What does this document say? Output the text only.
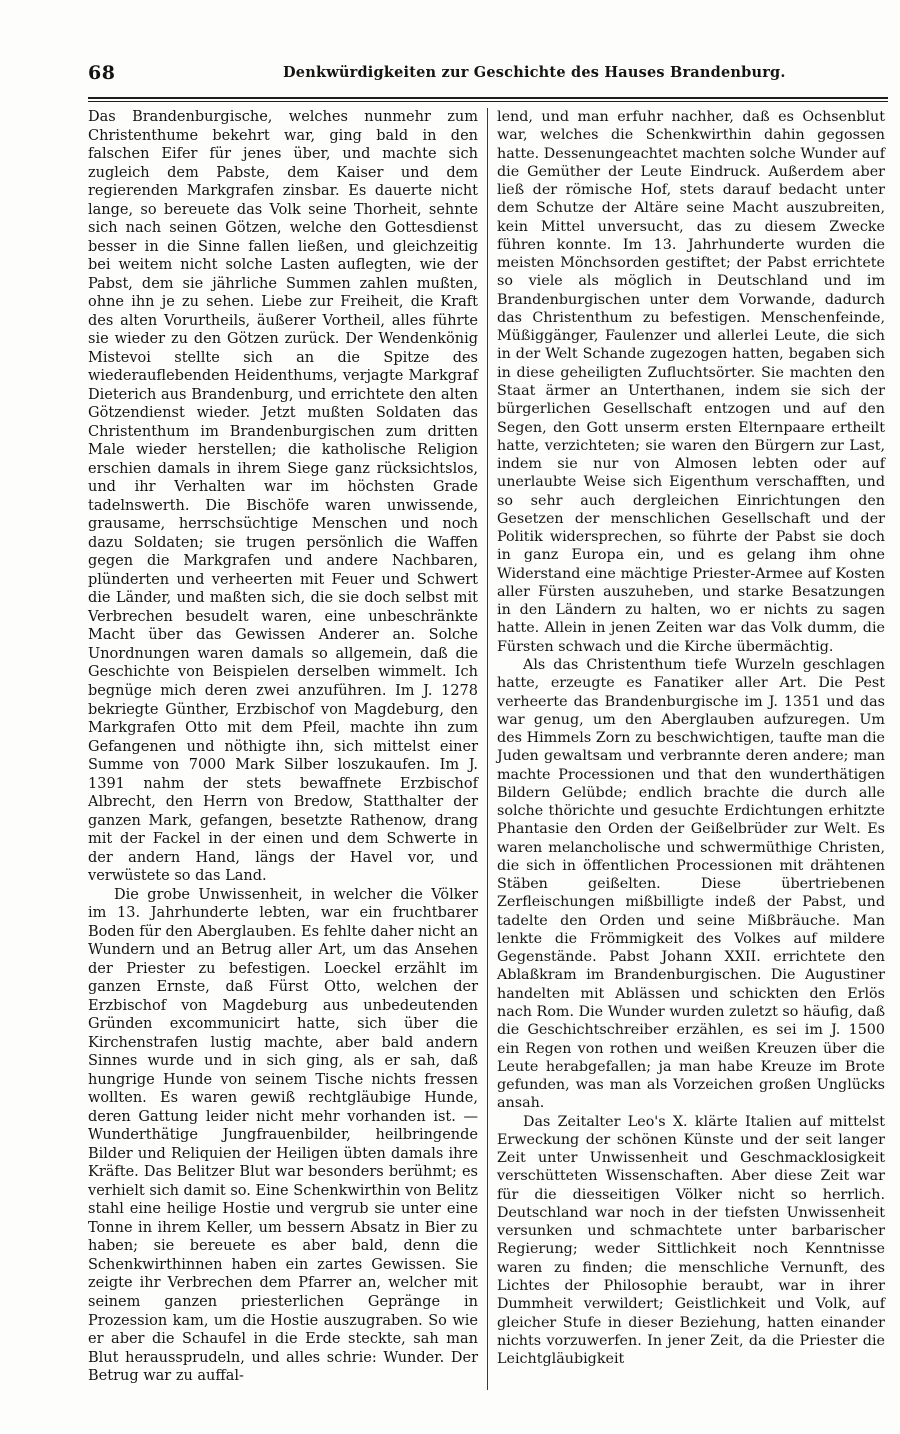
68	Denkwürdigkeiten zur Geschichte des Hauses Brandenburg.

Das Brandenburgische, welches nunmehr zum Christenthume bekehrt war, ging bald in den falschen Eifer für jenes über, und machte sich zugleich dem Pabste, dem Kaiser und dem regierenden Markgrafen zinsbar. Es dauerte nicht lange, so bereuete das Volk seine Thorheit, sehnte sich nach seinen Götzen, welche den Gottesdienst besser in die Sinne fallen ließen, und gleichzeitig bei weitem nicht solche Lasten auflegten, wie der Pabst, dem sie jährliche Summen zahlen mußten, ohne ihn je zu sehen. Liebe zur Freiheit, die Kraft des alten Vorurtheils, äußerer Vortheil, alles führte sie wieder zu den Götzen zurück. Der Wendenkönig Mistevoi stellte sich an die Spitze des wiederauflebenden Heidenthums, verjagte Markgraf Dieterich aus Brandenburg, und errichtete den alten Götzendienst wieder. Jetzt mußten Soldaten das Christenthum im Brandenburgischen zum dritten Male wieder herstellen; die katholische Religion erschien damals in ihrem Siege ganz rücksichtslos, und ihr Verhalten war im höchsten Grade tadelnswerth. Die Bischöfe waren unwissende, grausame, herrschsüchtige Menschen und noch dazu Soldaten; sie trugen persönlich die Waffen gegen die Markgrafen und andere Nachbaren, plünderten und verheerten mit Feuer und Schwert die Länder, und maßten sich, die sie doch selbst mit Verbrechen besudelt waren, eine unbeschränkte Macht über das Gewissen Anderer an. Solche Unordnungen waren damals so allgemein, daß die Geschichte von Beispielen derselben wimmelt. Ich begnüge mich deren zwei anzuführen. Im J. 1278 bekriegte Günther, Erzbischof von Magdeburg, den Markgrafen Otto mit dem Pfeil, machte ihn zum Gefangenen und nöthigte ihn, sich mittelst einer Summe von 7000 Mark Silber loszukaufen. Im J. 1391 nahm der stets bewaffnete Erzbischof Albrecht, den Herrn von Bredow, Statthalter der ganzen Mark, gefangen, besetzte Rathenow, drang mit der Fackel in der einen und dem Schwerte in der andern Hand, längs der Havel vor, und verwüstete so das Land.

Die grobe Unwissenheit, in welcher die Völker im 13. Jahrhunderte lebten, war ein fruchtbarer Boden für den Aberglauben. Es fehlte daher nicht an Wundern und an Betrug aller Art, um das Ansehen der Priester zu befestigen. Loeckel erzählt im ganzen Ernste, daß Fürst Otto, welchen der Erzbischof von Magdeburg aus unbedeutenden Gründen excommunicirt hatte, sich über die Kirchenstrafen lustig machte, aber bald andern Sinnes wurde und in sich ging, als er sah, daß hungrige Hunde von seinem Tische nichts fressen wollten. Es waren gewiß rechtgläubige Hunde, deren Gattung leider nicht mehr vorhanden ist. — Wunderthätige Jungfrauenbilder, heilbringende Bilder und Reliquien der Heiligen übten damals ihre Kräfte. Das Belitzer Blut war besonders berühmt; es verhielt sich damit so. Eine Schenkwirthin von Belitz stahl eine heilige Hostie und vergrub sie unter eine Tonne in ihrem Keller, um bessern Absatz in Bier zu haben; sie bereuete es aber bald, denn die Schenkwirthinnen haben ein zartes Gewissen. Sie zeigte ihr Verbrechen dem Pfarrer an, welcher mit seinem ganzen priesterlichen Gepränge in Prozession kam, um die Hostie auszugraben. So wie er aber die Schaufel in die Erde steckte, sah man Blut heraussprudeln, und alles schrie: Wunder. Der Betrug war zu auffal-

lend, und man erfuhr nachher, daß es Ochsenblut war, welches die Schenkwirthin dahin gegossen hatte. Dessenungeachtet machten solche Wunder auf die Gemüther der Leute Eindruck. Außerdem aber ließ der römische Hof, stets darauf bedacht unter dem Schutze der Altäre seine Macht auszubreiten, kein Mittel unversucht, das zu diesem Zwecke führen konnte. Im 13. Jahrhunderte wurden die meisten Mönchsorden gestiftet; der Pabst errichtete so viele als möglich in Deutschland und im Brandenburgischen unter dem Vorwande, dadurch das Christenthum zu befestigen. Menschenfeinde, Müßiggänger, Faulenzer und allerlei Leute, die sich in der Welt Schande zugezogen hatten, begaben sich in diese geheiligten Zufluchtsörter. Sie machten den Staat ärmer an Unterthanen, indem sie sich der bürgerlichen Gesellschaft entzogen und auf den Segen, den Gott unserm ersten Elternpaare ertheilt hatte, verzichteten; sie waren den Bürgern zur Last, indem sie nur von Almosen lebten oder auf unerlaubte Weise sich Eigenthum verschafften, und so sehr auch dergleichen Einrichtungen den Gesetzen der menschlichen Gesellschaft und der Politik widersprechen, so führte der Pabst sie doch in ganz Europa ein, und es gelang ihm ohne Widerstand eine mächtige Priester-Armee auf Kosten aller Fürsten auszuheben, und starke Besatzungen in den Ländern zu halten, wo er nichts zu sagen hatte. Allein in jenen Zeiten war das Volk dumm, die Fürsten schwach und die Kirche übermächtig.

Als das Christenthum tiefe Wurzeln geschlagen hatte, erzeugte es Fanatiker aller Art. Die Pest verheerte das Brandenburgische im J. 1351 und das war genug, um den Aberglauben aufzuregen. Um des Himmels Zorn zu beschwichtigen, taufte man die Juden gewaltsam und verbrannte deren andere; man machte Processionen und that den wunderthätigen Bildern Gelübde; endlich brachte die durch alle solche thörichte und gesuchte Erdichtungen erhitzte Phantasie den Orden der Geißelbrüder zur Welt. Es waren melancholische und schwermüthige Christen, die sich in öffentlichen Processionen mit drähtenen Stäben geißelten. Diese übertriebenen Zerfleischungen mißbilligte indeß der Pabst, und tadelte den Orden und seine Mißbräuche. Man lenkte die Frömmigkeit des Volkes auf mildere Gegenstände. Pabst Johann XXII. errichtete den Ablaßkram im Brandenburgischen. Die Augustiner handelten mit Ablässen und schickten den Erlös nach Rom. Die Wunder wurden zuletzt so häufig, daß die Geschichtschreiber erzählen, es sei im J. 1500 ein Regen von rothen und weißen Kreuzen über die Leute herabgefallen; ja man habe Kreuze im Brote gefunden, was man als Vorzeichen großen Unglücks ansah.

Das Zeitalter Leo's X. klärte Italien auf mittelst Erweckung der schönen Künste und der seit langer Zeit unter Unwissenheit und Geschmacklosigkeit verschütteten Wissenschaften. Aber diese Zeit war für die diesseitigen Völker nicht so herrlich. Deutschland war noch in der tiefsten Unwissenheit versunken und schmachtete unter barbarischer Regierung; weder Sittlichkeit noch Kenntnisse waren zu finden; die menschliche Vernunft, des Lichtes der Philosophie beraubt, war in ihrer Dummheit verwildert; Geistlichkeit und Volk, auf gleicher Stufe in dieser Beziehung, hatten einander nichts vorzuwerfen. In jener Zeit, da die Priester die Leichtgläubigkeit
